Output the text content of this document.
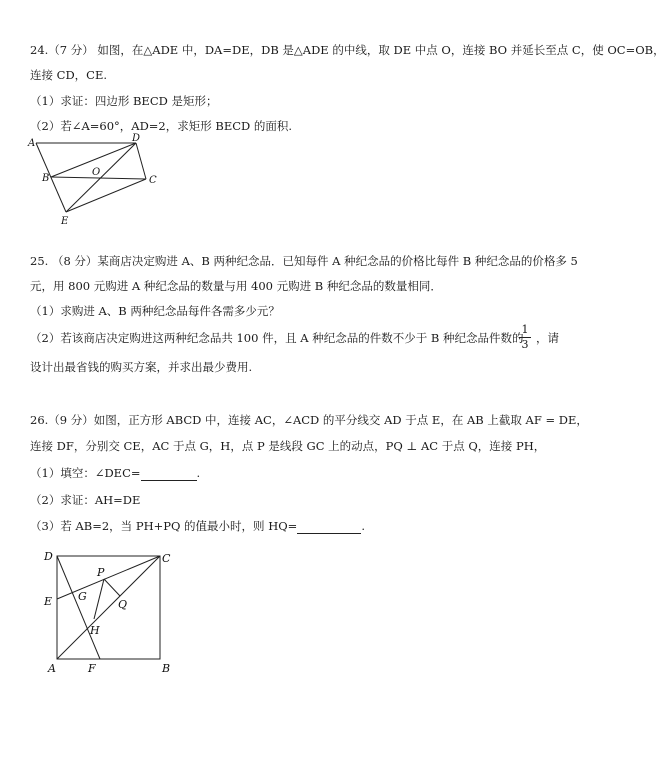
24.（7 分） 如图，在△ADE 中，DA=DE，DB 是△ADE 的中线，取 DE 中点 O，连接 BO 并延长至点 C，使 OC=OB，
连接 CD，CE.
（1）求证：四边形 BECD 是矩形；
（2）若∠A=60°，AD=2，求矩形 BECD 的面积.
A	D
B
O
C
E
25. （8 分）某商店决定购进 A、B 两种纪念品．已知每件 A 种纪念品的价格比每件 B 种纪念品的价格多 5
元，用 800 元购进 A 种纪念品的数量与用 400 元购进 B 种纪念品的数量相同．
（1）求购进 A、B 两种纪念品每件各需多少元？
（2）若该商店决定购进这两种纪念品共 100 件，且 A 种纪念品的件数不少于 B 种纪念品件数的
1
3 ，请
设计出最省钱的购买方案，并求出最少费用.
26.（9 分）如图，正方形 ABCD 中，连接 AC，∠ACD 的平分线交 AD 于点 E，在 AB 上截取 AF = DE，
连接 DF，分别交 CE，AC 于点 G，H，点 P 是线段 GC 上的动点，PQ ⊥ AC 于点 Q，连接 PH，
（1）填空：∠DEC=	.
（2）求证：AH=DE
（3）若 AB=2，当 PH+PQ 的值最小时，则 HQ=	.
D	C
E
P
G
Q
H
A	F	B
